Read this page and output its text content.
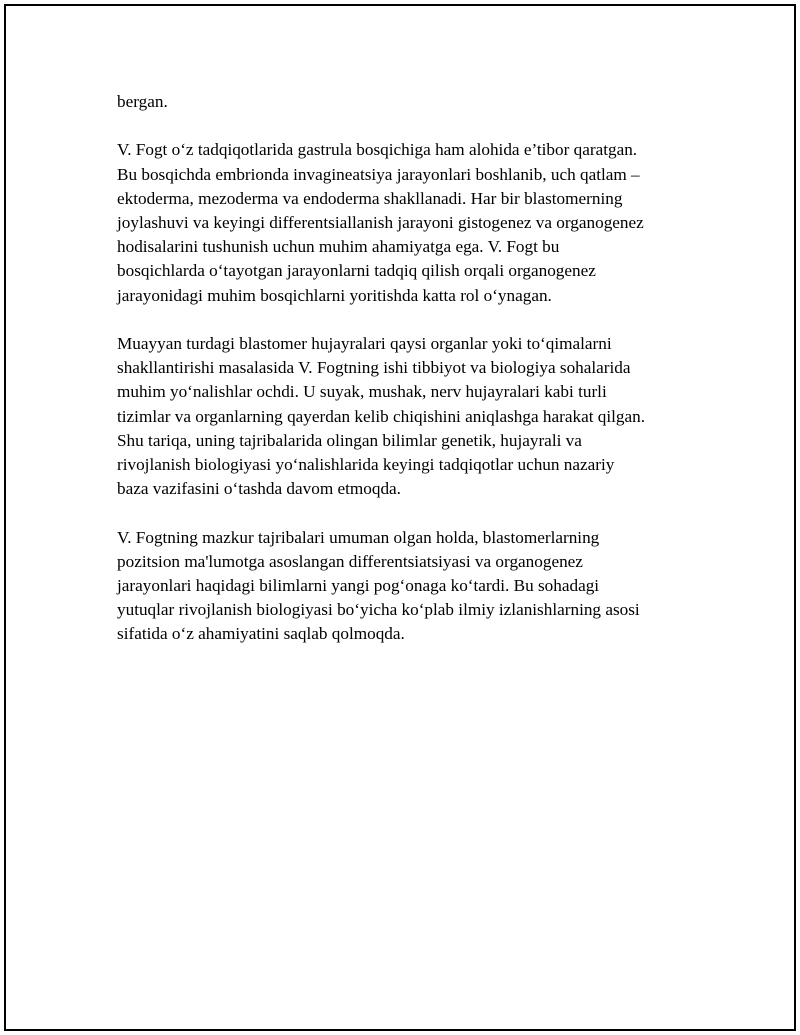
bergan.

V. Fogt o‘z tadqiqotlarida gastrula bosqichiga ham alohida e’tibor qaratgan.
Bu bosqichda embrionda invagineatsiya jarayonlari boshlanib, uch qatlam –
ektoderma, mezoderma va endoderma shakllanadi. Har bir blastomerning
joylashuvi va keyingi differentsiallanish jarayoni gistogenez va organogenez
hodisalarini tushunish uchun muhim ahamiyatga ega. V. Fogt bu
bosqichlarda o‘tayotgan jarayonlarni tadqiq qilish orqali organogenez
jarayonidagi muhim bosqichlarni yoritishda katta rol o‘ynagan.

Muayyan turdagi blastomer hujayralari qaysi organlar yoki to‘qimalarni
shakllantirishi masalasida V. Fogtning ishi tibbiyot va biologiya sohalarida
muhim yo‘nalishlar ochdi. U suyak, mushak, nerv hujayralari kabi turli
tizimlar va organlarning qayerdan kelib chiqishini aniqlashga harakat qilgan.
Shu tariqa, uning tajribalarida olingan bilimlar genetik, hujayrali va
rivojlanish biologiyasi yo‘nalishlarida keyingi tadqiqotlar uchun nazariy
baza vazifasini o‘tashda davom etmoqda.

V. Fogtning mazkur tajribalari umuman olgan holda, blastomerlarning
pozitsion ma'lumotga asoslangan differentsiatsiyasi va organogenez
jarayonlari haqidagi bilimlarni yangi pog‘onaga ko‘tardi. Bu sohadagi
yutuqlar rivojlanish biologiyasi bo‘yicha ko‘plab ilmiy izlanishlarning asosi
sifatida o‘z ahamiyatini saqlab qolmoqda.
